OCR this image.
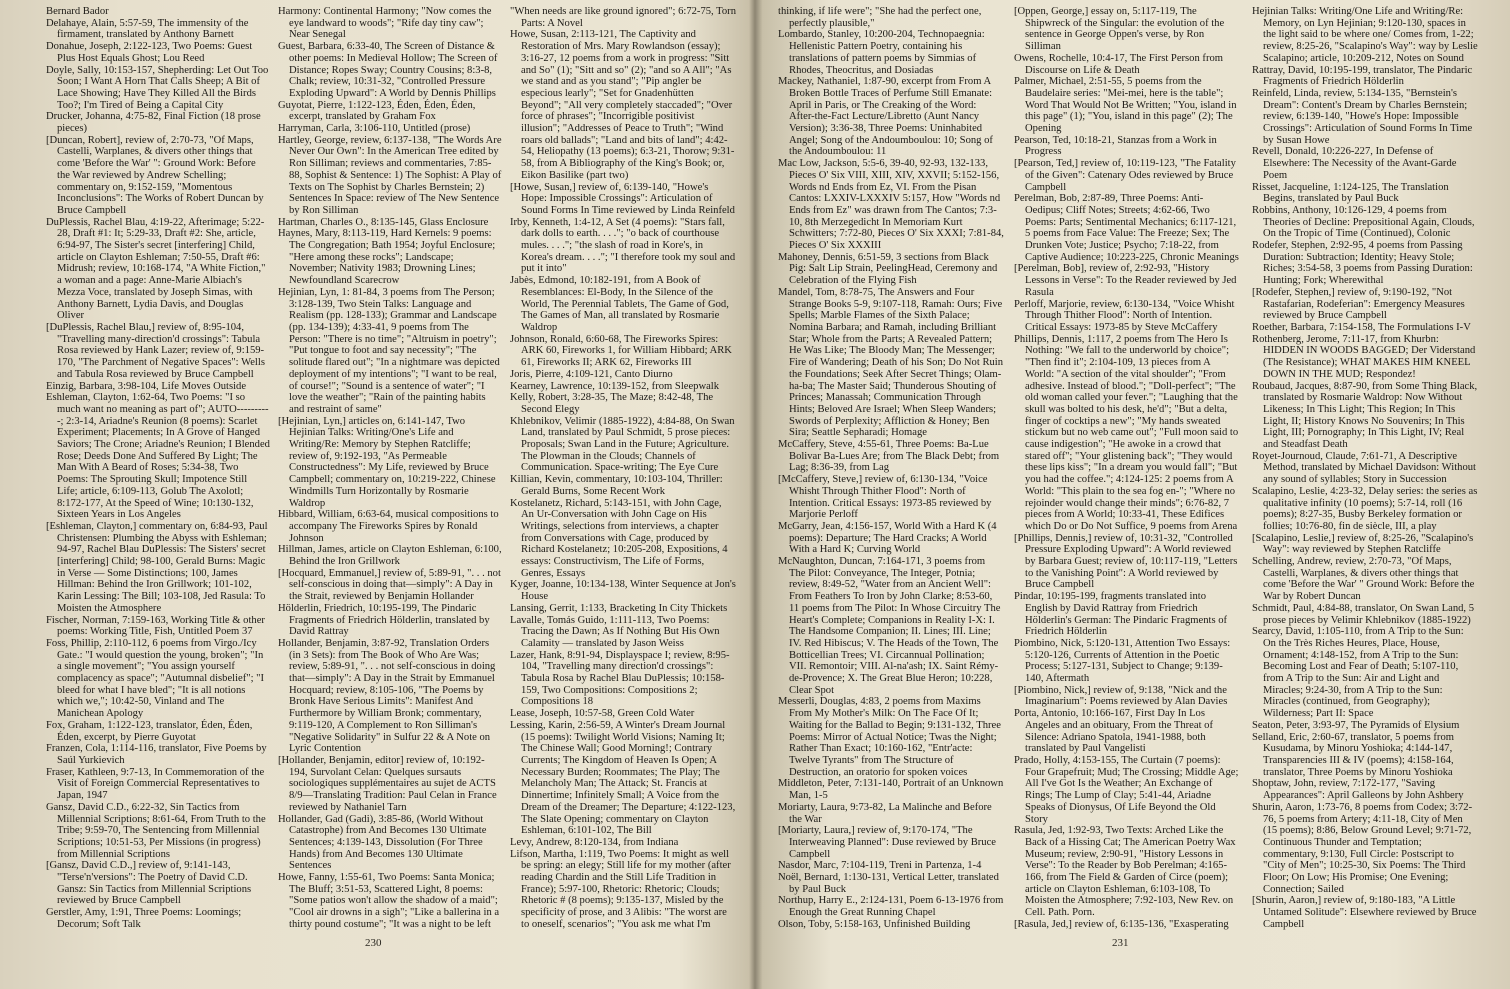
Bernard Bador

Delahaye, Alain, 5:57-59, The immensity of the firmament, translated by Anthony Barnett

Donahue, Joseph, 2:122-123, Two Poems: Guest Plus Host Equals Ghost; Lou Reed

Doyle, Sally, 10:153-157, Shepherding: Let Out Too Soon; I Want A Horn That Calls Sheep; A Bit of Lace Showing; Have They Killed All the Birds Too?; I'm Tired of Being a Capital City

Drucker, Johanna, 4:75-82, Final Fiction (18 prose pieces)

[Duncan, Robert], review of, 2:70-73, "Of Maps, Castelli, Warplanes, & divers other things that come 'Before the War' ": Ground Work: Before the War reviewed by Andrew Schelling; commentary on, 9:152-159, "Momentous Inconclusions": The Works of Robert Duncan by Bruce Campbell

DuPlessis, Rachel Blau, 4:19-22, Afterimage; 5:22-28, Draft #1: It; 5:29-33, Draft #2: She, article, 6:94-97, The Sister's secret [interfering] Child, article on Clayton Eshleman; 7:50-55, Draft #6: Midrush; review, 10:168-174, "A White Fiction," a woman and a page: Anne-Marie Albiach's Mezza Voce, translated by Joseph Simas, with Anthony Barnett, Lydia Davis, and Douglas Oliver

[DuPlessis, Rachel Blau,] review of, 8:95-104, "Travelling many-direction'd crossings": Tabula Rosa reviewed by Hank Lazer; review of, 9:159-170, "The Parchment of Negative Spaces": Wells and Tabula Rosa reviewed by Bruce Campbell

Einzig, Barbara, 3:98-104, Life Moves Outside

Eshleman, Clayton, 1:62-64, Two Poems: "I so much want no meaning as part of"; AUTO----------; 2:3-14, Ariadne's Reunion (8 poems): Scarlet Experiment; Placements; In A Grove of Hanged Saviors; The Crone; Ariadne's Reunion; I Blended Rose; Deeds Done And Suffered By Light; The Man With A Beard of Roses; 5:34-38, Two Poems: The Sprouting Skull; Impotence Still Life; article, 6:109-113, Golub The Axolotl; 8:172-177, At the Speed of Wine; 10:130-132, Sixteen Years in Los Angeles

[Eshleman, Clayton,] commentary on, 6:84-93, Paul Christensen: Plumbing the Abyss with Eshleman; 94-97, Rachel Blau DuPlessis: The Sisters' secret [interfering] Child; 98-100, Gerald Burns: Magic in Verse — Some Distinctions; 100, James Hillman: Behind the Iron Grillwork; 101-102, Karin Lessing: The Bill; 103-108, Jed Rasula: To Moisten the Atmosphere

Fischer, Norman, 7:159-163, Working Title & other poems: Working Title, Fish, Untitled Poem 37

Foss, Phillip, 2:110-112, 6 poems from Virgo./Icy Gate.: "I would question the young, broken"; "In a single movement"; "You assign yourself complacency as space"; "Autumnal disbelief"; "I bleed for what I have bled"; "It is all notions which we,"; 10:42-50, Vinland and The Manichean Apology

Fox, Graham, 1:122-123, translator, Éden, Éden, Éden, excerpt, by Pierre Guyotat

Franzen, Cola, 1:114-116, translator, Five Poems by Saúl Yurkievich

Fraser, Kathleen, 9:7-13, In Commemoration of the Visit of Foreign Commercial Representatives to Japan, 1947

Gansz, David C.D., 6:22-32, Sin Tactics from Millennial Scriptions; 8:61-64, From Truth to the Tribe; 9:59-70, The Sentencing from Millennial Scriptions; 10:51-53, Per Missions (in progress) from Millennial Scriptions

[Gansz, David C.D.,] review of, 9:141-143, "Terse'n'versions": The Poetry of David C.D. Gansz: Sin Tactics from Millennial Scriptions reviewed by Bruce Campbell

Gerstler, Amy, 1:91, Three Poems: Loomings; Decorum; Soft Talk

Harmony: Continental Harmony; "Now comes the eye landward to woods"; "Rife day tiny caw"; Near Senegal

Guest, Barbara, 6:33-40, The Screen of Distance & other poems: In Medieval Hollow; The Screen of Distance; Ropes Sway; Country Cousins; 8:3-8, Chalk; review, 10:31-32, "Controlled Pressure Exploding Upward": A World by Dennis Phillips

Guyotat, Pierre, 1:122-123, Éden, Éden, Éden, excerpt, translated by Graham Fox

Harryman, Carla, 3:106-110, Untitled (prose)

Hartley, George, review, 6:137-138, "The Words Are Never Our Own": In the American Tree edited by Ron Silliman; reviews and commentaries, 7:85-88, Sophist & Sentence: 1) The Sophist: A Play of Texts on The Sophist by Charles Bernstein; 2) Sentences In Space: review of The New Sentence by Ron Silliman

Hartman, Charles O., 8:135-145, Glass Enclosure

Haynes, Mary, 8:113-119, Hard Kernels: 9 poems: The Congregation; Bath 1954; Joyful Enclosure; "Here among these rocks"; Landscape; November; Nativity 1983; Drowning Lines; Newfoundland Scarecrow

Hejinian, Lyn, 1: 81-84, 3 poems from The Person; 3:128-139, Two Stein Talks: Language and Realism (pp. 128-133); Grammar and Landscape (pp. 134-139); 4:33-41, 9 poems from The Person: "There is no time"; "Altruism in poetry"; "Put tongue to foot and say necessity"; "The solitude flared out"; "In a nightmare was depicted deployment of my intentions"; "I want to be real, of course!"; "Sound is a sentence of water"; "I love the weather"; "Rain of the painting habits and restraint of same"

[Hejinian, Lyn,] articles on, 6:141-147, Two Hejinian Talks: Writing/One's Life and Writing/Re: Memory by Stephen Ratcliffe; review of, 9:192-193, "As Permeable Constructedness": My Life, reviewed by Bruce Campbell; commentary on, 10:219-222, Chinese Windmills Turn Horizontally by Rosmarie Waldrop

Hibbard, William, 6:63-64, musical compositions to accompany The Fireworks Spires by Ronald Johnson

Hillman, James, article on Clayton Eshleman, 6:100, Behind the Iron Grillwork

[Hocquard, Emmanuel,] review of, 5:89-91, ". . . not self-conscious in doing that—simply": A Day in the Strait, reviewed by Benjamin Hollander

Hölderlin, Friedrich, 10:195-199, The Pindaric Fragments of Friedrich Hölderlin, translated by David Rattray

Hollander, Benjamin, 3:87-92, Translation Orders (in 3 Sets): from The Book of Who Are Was; review, 5:89-91, ". . . not self-conscious in doing that—simply": A Day in the Strait by Emmanuel Hocquard; review, 8:105-106, "The Poems by Bronk Have Serious Limits": Manifest And Furthermore by William Bronk; commentary, 9:119-120, A Complement to Ron Silliman's "Negative Solidarity" in Sulfur 22 & A Note on Lyric Contention

[Hollander, Benjamin, editor] review of, 10:192-194, Survolant Celan: Quelques sursauts sociologiques supplémentaires au sujet de ACTS 8/9—Translating Tradition: Paul Celan in France reviewed by Nathaniel Tarn

Hollander, Gad (Gadi), 3:85-86, (World Without Catastrophe) from And Becomes 130 Ultimate Sentences; 4:139-143, Dissolution (For Three Hands) from And Becomes 130 Ultimate Sentences

Howe, Fanny, 1:55-61, Two Poems: Santa Monica; The Bluff; 3:51-53, Scattered Light, 8 poems: "Some patios won't allow the shadow of a maid"; "Cool air drowns in a sigh"; "Like a ballerina in a thirty pound costume"; "It was a night to be left

"When needs are like ground ignored"; 6:72-75, Torn Parts: A Novel

Howe, Susan, 2:113-121, The Captivity and Restoration of Mrs. Mary Rowlandson (essay); 3:16-27, 12 poems from a work in progress: "Sitt and So" (1); "Sitt and so" (2); "and so A All"; "As we stand and as you stand"; "Pip angler be especious learly"; "Set for Gnadenhütten Beyond"; "All very completely staccaded"; "Over force of phrases"; "Incorrigible positivist illusion"; "Addresses of Peace to Truth"; "Wind roars old ballads"; "Land and bits of land"; 4:42-54, Heliopathy (13 poems); 6:3-21, Thorow; 9:31-58, from A Bibliography of the King's Book; or, Eikon Basilike (part two)

[Howe, Susan,] review of, 6:139-140, "Howe's Hope: Impossible Crossings": Articulation of Sound Forms In Time reviewed by Linda Reinfeld

Irby, Kenneth, 1:4-12, A Set (4 poems): "Stars fall, dark dolls to earth. . . ."; "o back of courthouse mules. . . ."; "the slash of road in Kore's, in Korea's dream. . . ."; "I therefore took my soul and put it into"

Jabès, Edmond, 10:182-191, from A Book of Resemblances: El-Body, In the Silence of the World, The Perennial Tablets, The Game of God, The Games of Man, all translated by Rosmarie Waldrop

Johnson, Ronald, 6:60-68, The Fireworks Spires: ARK 60, Fireworks 1, for William Hibbard; ARK 61, Fireworks II; ARK 62, Fireworks III

Joris, Pierre, 4:109-121, Canto Diurno

Kearney, Lawrence, 10:139-152, from Sleepwalk

Kelly, Robert, 3:28-35, The Maze; 8:42-48, The Second Elegy

Khlebnikov, Velimir (1885-1922), 4:84-88, On Swan Land, translated by Paul Schmidt, 5 prose pieces: Proposals; Swan Land in the Future; Agriculture. The Plowman in the Clouds; Channels of Communication. Space-writing; The Eye Cure

Killian, Kevin, commentary, 10:103-104, Thriller: Gerald Burns, Some Recent Work

Kostelanetz, Richard, 5:143-151, with John Cage, An Ur-Conversation with John Cage on His Writings, selections from interviews, a chapter from Conversations with Cage, produced by Richard Kostelanetz; 10:205-208, Expositions, 4 essays: Constructivism, The Life of Forms, Genres, Essays

Kyger, Joanne, 10:134-138, Winter Sequence at Jon's House

Lansing, Gerrit, 1:133, Bracketing In City Thickets

Lavalle, Tomás Guido, 1:111-113, Two Poems: Tracing the Dawn; As If Nothing But His Own Calamity — translated by Jason Weiss

Lazer, Hank, 8:91-94, Displayspace I; review, 8:95-104, "Travelling many direction'd crossings": Tabula Rosa by Rachel Blau DuPlessis; 10:158-159, Two Compositions: Compositions 2; Compositions 18

Lease, Joseph, 10:57-58, Green Cold Water

Lessing, Karin, 2:56-59, A Winter's Dream Journal (15 poems): Twilight World Visions; Naming It; The Chinese Wall; Good Morning!; Contrary Currents; The Kingdom of Heaven Is Open; A Necessary Burden; Roommates; The Play; The Melancholy Man; The Attack; St. Francis at Dinnertime; Infinitely Small; A Voice from the Dream of the Dreamer; The Departure; 4:122-123, The Slate Opening; commentary on Clayton Eshleman, 6:101-102, The Bill

Levy, Andrew, 8:120-134, from Indiana

Lifson, Martha, 1:119, Two Poems: It might as well be spring: an elegy; Still life for my mother (after reading Chardin and the Still Life Tradition in France); 5:97-100, Rhetoric: Rhetoric; Clouds; Rhetoric # (8 poems); 9:135-137, Misled by the specificity of prose, and 3 Alibis: "The worst are to oneself, scenarios"; "You ask me what I'm

230

thinking, if life were"; "She had the perfect one, perfectly plausible,"

Lombardo, Stanley, 10:200-204, Technopaegnia: Hellenistic Pattern Poetry, containing his translations of pattern poems by Simmias of Rhodes, Theocritus, and Dosiadas

Mackey, Nathaniel, 1:87-90, excerpt from From A Broken Bottle Traces of Perfume Still Emanate: April in Paris, or The Creaking of the Word: After-the-Fact Lecture/Libretto (Aunt Nancy Version); 3:36-38, Three Poems: Uninhabited Angel; Song of the Andoumboulou: 10; Song of the Andoumboulou: 11

Mac Low, Jackson, 5:5-6, 39-40, 92-93, 132-133, Pieces O' Six VIII, XIII, XIV, XXVII; 5:152-156, Words nd Ends from Ez, VI. From the Pisan Cantos: LXXIV-LXXXIV 5:157, How "Words nd Ends from Ez" was drawn from The Cantos; 7:3-10, 8th Merzegedicht In Memoriam Kurt Schwitters; 7:72-80, Pieces O' Six XXXI; 7:81-84, Pieces O' Six XXXIII

Mahoney, Dennis, 6:51-59, 3 sections from Black Pig: Salt Lip Strain, PeelingHead, Ceremony and Celebration of the Flying Fish

Mandel, Tom, 8:78-75, The Answers and Four Strange Books 5-9, 9:107-118, Ramah: Ours; Five Spells; Marble Flames of the Sixth Palace; Nomina Barbara; and Ramah, including Brilliant Star; Whole from the Parts; A Revealed Pattern; He Was Like; The Bloody Man; The Messenger; Fire of Wandering; Death of his Son; Do Not Ruin the Foundations; Seek After Secret Things; Olam-ha-ba; The Master Said; Thunderous Shouting of Princes; Manassah; Communication Through Hints; Beloved Are Israel; When Sleep Wanders; Swords of Perplexity; Affliction & Honey; Ben Sira; Seattle Sepharadi; Homage

McCaffery, Steve, 4:55-61, Three Poems: Ba-Lue Bolivar Ba-Lues Are; from The Black Debt; from Lag; 8:36-39, from Lag

[McCaffery, Steve,] review of, 6:130-134, "Voice Whisht Through Thither Flood": North of Intention. Critical Essays: 1973-85 reviewed by Marjorie Perloff

McGarry, Jean, 4:156-157, World With a Hard K (4 poems): Departure; The Hard Cracks; A World With a Hard K; Curving World

McNaughton, Duncan, 7:164-171, 3 poems from The Pilot: Conveyance, The Integer, Potnia; review, 8:49-52, "Water from an Ancient Well": From Feathers To Iron by John Clarke; 8:53-60, 11 poems from The Pilot: In Whose Circuitry The Heart's Complete; Companions in Reality I-X: I. The Handsome Companion; II. Lines; III. Line; IV. Red Hibiscus; V. The Heads of the Town, The Botticellian Trees; VI. Circannual Pollination; VII. Remontoir; VIII. Al-na'ash; IX. Saint Rémy-de-Provence; X. The Great Blue Heron; 10:228, Clear Spot

Messerli, Douglas, 4:83, 2 poems from Maxims From My Mother's Milk: On The Face Of It; Waiting for the Ballad to Begin; 9:131-132, Three Poems: Mirror of Actual Notice; Twas the Night; Rather Than Exact; 10:160-162, "Entr'acte: Twelve Tyrants" from The Structure of Destruction, an oratorio for spoken voices

Middleton, Peter, 7:131-140, Portrait of an Unknown Man, 1-5

Moriarty, Laura, 9:73-82, La Malinche and Before the War

[Moriarty, Laura,] review of, 9:170-174, "The Interweaving Planned": Duse reviewed by Bruce Campbell

Nasdor, Marc, 7:104-119, Treni in Partenza, 1-4

Noël, Bernard, 1:130-131, Vertical Letter, translated by Paul Buck

Northup, Harry E., 2:124-131, Poem 6-13-1976 from Enough the Great Running Chapel

Olson, Toby, 5:158-163, Unfinished Building

[Oppen, George,] essay on, 5:117-119, The Shipwreck of the Singular: the evolution of the sentence in George Oppen's verse, by Ron Silliman

Owens, Rochelle, 10:4-17, The First Person from Discourse on Life & Death

Palmer, Michael, 2:51-55, 5 poems from the Baudelaire series: "Mei-mei, here is the table"; Word That Would Not Be Written; "You, island in this page" (1); "You, island in this page" (2); The Opening

Pearson, Ted, 10:18-21, Stanzas from a Work in Progress

[Pearson, Ted,] review of, 10:119-123, "The Fatality of the Given": Catenary Odes reviewed by Bruce Campbell

Perelman, Bob, 2:87-89, Three Poems: Anti-Oedipus; Cliff Notes; Streets; 4:62-66, Two Poems: Parts; Sentimental Mechanics; 6:117-121, 5 poems from Face Value: The Freeze; Sex; The Drunken Vote; Justice; Psycho; 7:18-22, from Captive Audience; 10:223-225, Chronic Meanings

[Perelman, Bob], review of, 2:92-93, "History Lessons in Verse": To the Reader reviewed by Jed Rasula

Perloff, Marjorie, review, 6:130-134, "Voice Whisht Through Thither Flood": North of Intention. Critical Essays: 1973-85 by Steve McCaffery

Phillips, Dennis, 1:117, 2 poems from The Hero Is Nothing: "We fall to the underworld by choice"; "Then find it"; 2:104-109, 13 pieces from A World: "A section of the vital shoulder"; "From adhesive. Instead of blood."; "Doll-perfect"; "The old woman called your fever."; "Laughing that the skull was bolted to his desk, he'd"; "But a delta, finger of cocktips a new"; "My hands sweated stickum but no web came out"; "Full moon said to cause indigestion"; "He awoke in a crowd that stared off"; "Your glistening back"; "They would these lips kiss"; "In a dream you would fall"; "But you had the coffee."; 4:124-125: 2 poems from A World: "This plain to the sea fog en-"; "Where no rejoinder would change their minds"; 6:76-82, 7 pieces from A World; 10:33-41, These Edifices which Do or Do Not Suffice, 9 poems from Arena

[Phillips, Dennis,] review of, 10:31-32, "Controlled Pressure Exploding Upward": A World reviewed by Barbara Guest; review of, 10:117-119, "Letters to the Vanishing Point": A World reviewed by Bruce Campbell

Pindar, 10:195-199, fragments translated into English by David Rattray from Friedrich Hölderlin's German: The Pindaric Fragments of Friedrich Hölderlin

Piombino, Nick, 5:120-131, Attention Two Essays: 5:120-126, Currents of Attention in the Poetic Process; 5:127-131, Subject to Change; 9:139-140, Aftermath

[Piombino, Nick,] review of, 9:138, "Nick and the Imaginarium": Poems reviewed by Alan Davies

Porta, Antonio, 10:166-167, First Day In Los Angeles and an obituary, From the Threat of Silence: Adriano Spatola, 1941-1988, both translated by Paul Vangelisti

Prado, Holly, 4:153-155, The Curtain (7 poems): Four Grapefruit; Mud; The Crossing; Middle Age; All I've Got Is the Weather; An Exchange of Rings; The Lump of Clay; 5:41-44, Ariadne Speaks of Dionysus, Of Life Beyond the Old Story

Rasula, Jed, 1:92-93, Two Texts: Arched Like the Back of a Hissing Cat; The American Poetry Wax Museum; review, 2:90-91, "History Lessons in Verse": To the Reader by Bob Perelman; 4:165-166, from The Field & Garden of Circe (poem); article on Clayton Eshleman, 6:103-108, To Moisten the Atmosphere; 7:92-103, New Rev. on Cell. Path. Porn.

[Rasula, Jed,] review of, 6:135-136, "Exasperating

Hejinian Talks: Writing/One Life and Writing/Re: Memory, on Lyn Hejinian; 9:120-130, spaces in the light said to be where one/ Comes from, 1-22; review, 8:25-26, "Scalapino's Way": way by Leslie Scalapino; article, 10:209-212, Notes on Sound

Rattray, David, 10:195-199, translator, The Pindaric Fragments of Friedrich Hölderlin

Reinfeld, Linda, review, 5:134-135, "Bernstein's Dream": Content's Dream by Charles Bernstein; review, 6:139-140, "Howe's Hope: Impossible Crossings": Articulation of Sound Forms In Time by Susan Howe

Revell, Donald, 10:226-227, In Defense of Elsewhere: The Necessity of the Avant-Garde Poem

Risset, Jacqueline, 1:124-125, The Translation Begins, translated by Paul Buck

Robbins, Anthony, 10:126-129, 4 poems from Theories of Decline: Prepositional Again, Clouds, On the Tropic of Time (Continued), Colonic

Rodefer, Stephen, 2:92-95, 4 poems from Passing Duration: Subtraction; Identity; Heavy Stole; Riches; 3:54-58, 3 poems from Passing Duration: Hunting; Fork; Wherewithal

[Rodefer, Stephen,] review of, 9:190-192, "Not Rastafarian, Rodeferian": Emergency Measures reviewed by Bruce Campbell

Roether, Barbara, 7:154-158, The Formulations I-V

Rothenberg, Jerome, 7:11-17, from Khurbn: HIDDEN IN WOODS BAGGED; Der Viderstand (The Resistance); WHAT MAKES HIM KNEEL DOWN IN THE MUD; Respondez!

Roubaud, Jacques, 8:87-90, from Some Thing Black, translated by Rosmarie Waldrop: Now Without Likeness; In This Light; This Region; In This Light, II; History Knows No Souvenirs; In This Light, III; Pornography; In This Light, IV; Real and Steadfast Death

Royet-Journoud, Claude, 7:61-71, A Descriptive Method, translated by Michael Davidson: Without any sound of syllables; Story in Succession

Scalapino, Leslie, 4:23-32, Delay series: the series as qualitative infinity (10 poems); 5:7-14, roll (16 poems); 8:27-35, Busby Berkeley formation or follies; 10:76-80, fin de siècle, III, a play

[Scalapino, Leslie,] review of, 8:25-26, "Scalapino's Way": way reviewed by Stephen Ratcliffe

Schelling, Andrew, review, 2:70-73, "Of Maps, Castelli, Warplanes, & divers other things that come 'Before the War' " Ground Work: Before the War by Robert Duncan

Schmidt, Paul, 4:84-88, translator, On Swan Land, 5 prose pieces by Velimir Khlebnikov (1885-1922)

Searcy, David, 1:105-110, from A Trip to the Sun: On the Très Riches Heures, Place, House, Ornament; 4:148-152, from A Trip to the Sun: Becoming Lost and Fear of Death; 5:107-110, from A Trip to the Sun: Air and Light and Miracles; 9:24-30, from A Trip to the Sun: Miracles (continued, from Geography); Wilderness; Part II: Space

Seaton, Peter, 3:93-97, The Pyramids of Elysium

Selland, Eric, 2:60-67, translator, 5 poems from Kusudama, by Minoru Yoshioka; 4:144-147, Transparencies III & IV (poems); 4:158-164, translator, Three Poems by Minoru Yoshioka

Shoptaw, John, review, 7:172-177, "Saving Appearances": April Galleons by John Ashbery

Shurin, Aaron, 1:73-76, 8 poems from Codex; 3:72-76, 5 poems from Artery; 4:11-18, City of Men (15 poems); 8:86, Below Ground Level; 9:71-72, Continuous Thunder and Temptation; commentary, 9:130, Full Circle: Postscript to "City of Men"; 10:25-30, Six Poems: The Third Floor; On Low; His Promise; One Evening; Connection; Sailed

[Shurin, Aaron,] review of, 9:180-183, "A Little Untamed Solitude": Elsewhere reviewed by Bruce Campbell

231
